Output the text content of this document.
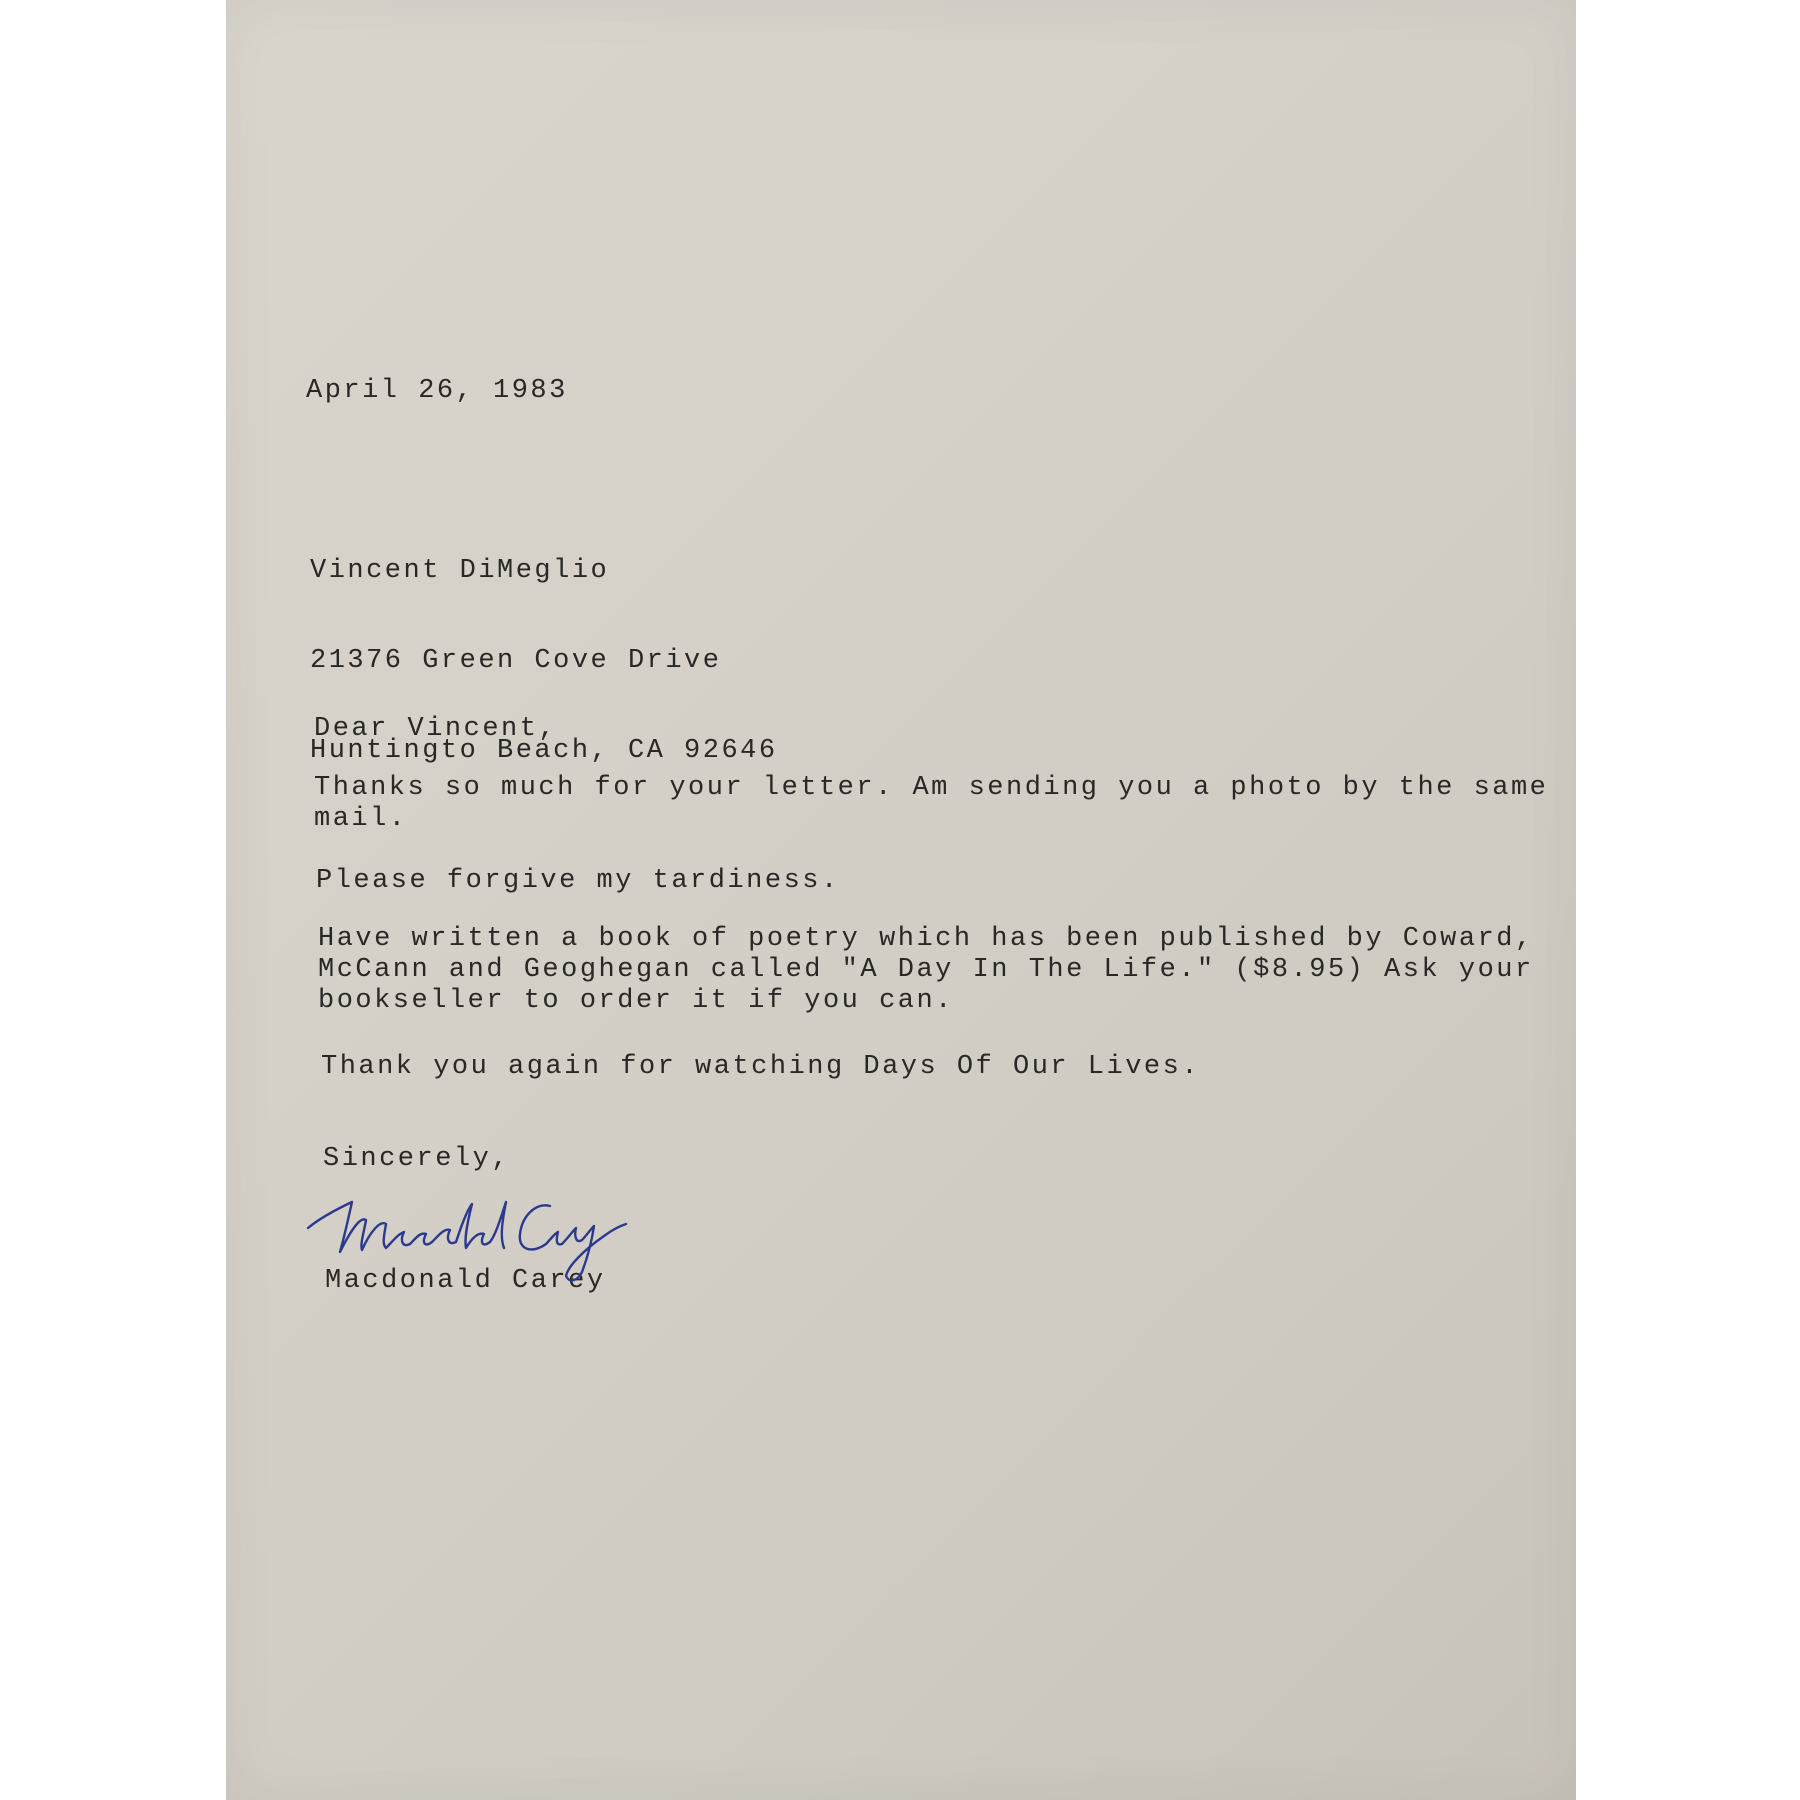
April 26, 1983

Vincent DiMeglio

21376 Green Cove Drive

Huntingto Beach, CA 92646

Dear Vincent,

Thanks so much for your letter. Am sending you a photo by the same mail.

Please forgive my tardiness.

Have written a book of poetry which has been published by Coward, McCann and Geoghegan called "A Day In The Life." ($8.95) Ask your bookseller to order it if you can.

Thank you again for watching Days Of Our Lives.

Sincerely,

Macdonald Carey
